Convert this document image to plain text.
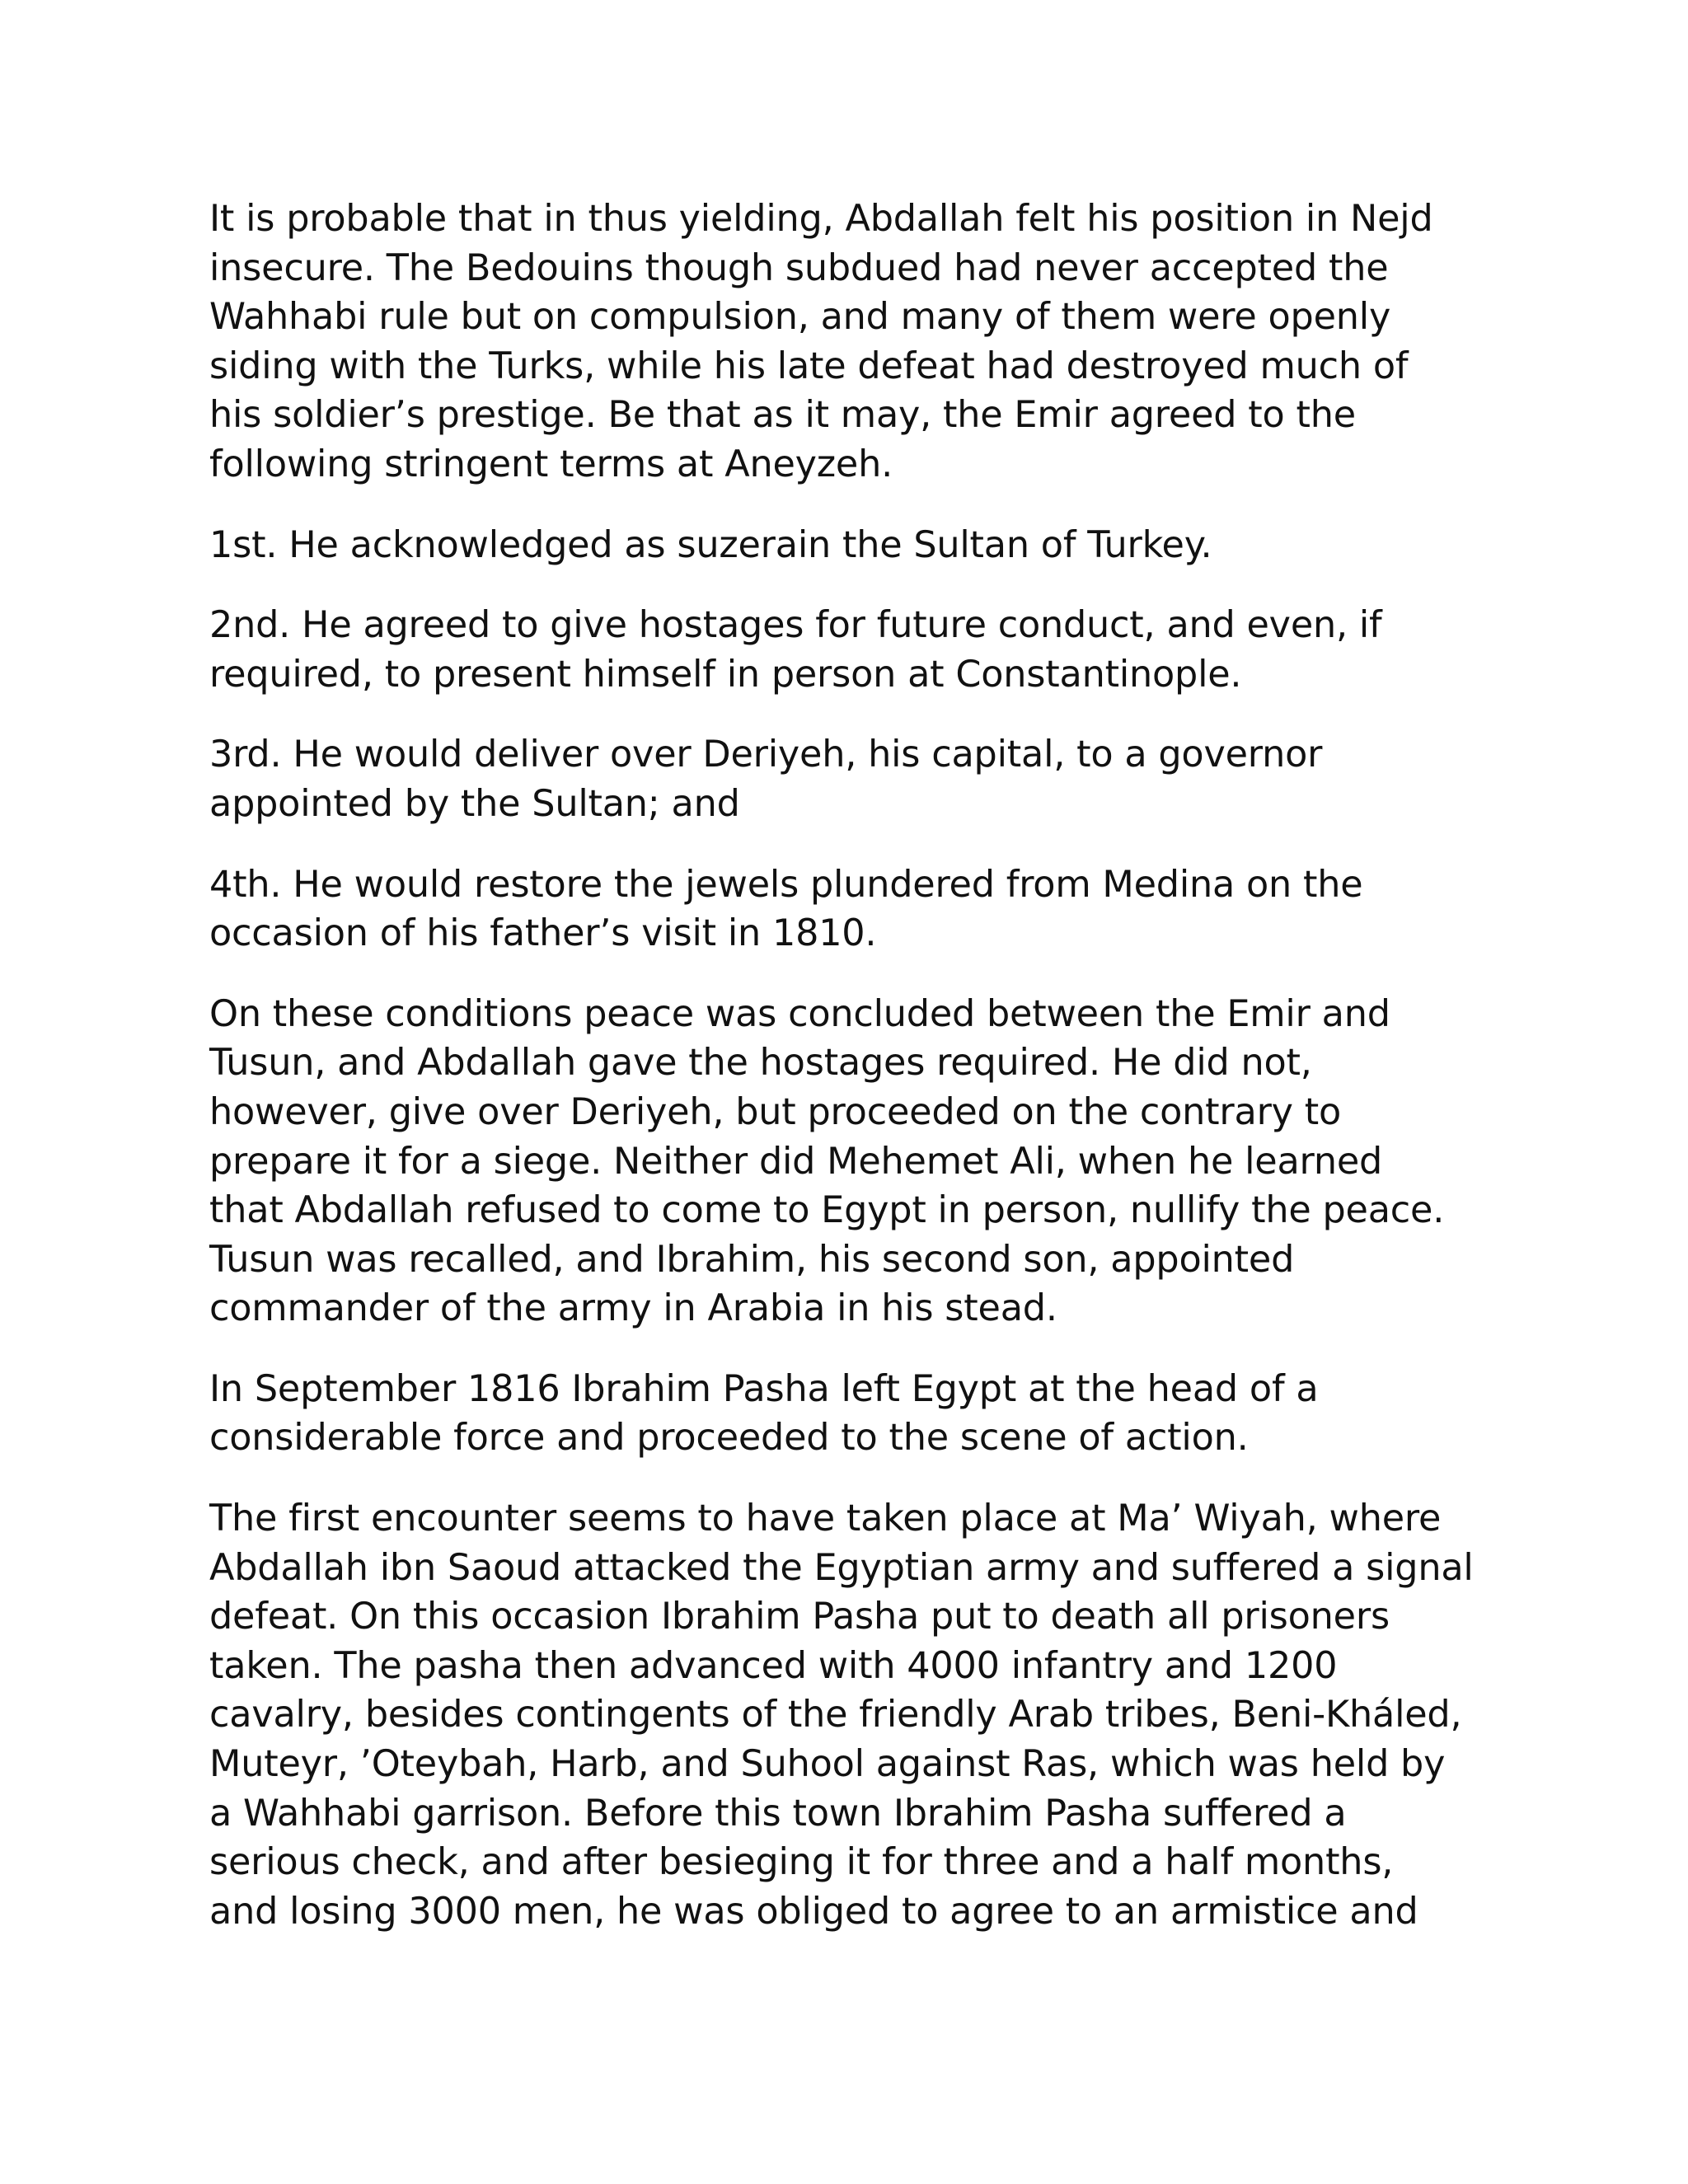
It is probable that in thus yielding, Abdallah felt his position in Nejd
insecure. The Bedouins though subdued had never accepted the
Wahhabi rule but on compulsion, and many of them were openly
siding with the Turks, while his late defeat had destroyed much of
his soldier’s prestige. Be that as it may, the Emir agreed to the
following stringent terms at Aneyzeh.

1st. He acknowledged as suzerain the Sultan of Turkey.

2nd. He agreed to give hostages for future conduct, and even, if
required, to present himself in person at Constantinople.

3rd. He would deliver over Deriyeh, his capital, to a governor
appointed by the Sultan; and

4th. He would restore the jewels plundered from Medina on the
occasion of his father’s visit in 1810.

On these conditions peace was concluded between the Emir and
Tusun, and Abdallah gave the hostages required. He did not,
however, give over Deriyeh, but proceeded on the contrary to
prepare it for a siege. Neither did Mehemet Ali, when he learned
that Abdallah refused to come to Egypt in person, nullify the peace.
Tusun was recalled, and Ibrahim, his second son, appointed
commander of the army in Arabia in his stead.

In September 1816 Ibrahim Pasha left Egypt at the head of a
considerable force and proceeded to the scene of action.

The first encounter seems to have taken place at Ma’ Wiyah, where
Abdallah ibn Saoud attacked the Egyptian army and suffered a signal
defeat. On this occasion Ibrahim Pasha put to death all prisoners
taken. The pasha then advanced with 4000 infantry and 1200
cavalry, besides contingents of the friendly Arab tribes, Beni-Kháled,
Muteyr, ’Oteybah, Harb, and Suhool against Ras, which was held by
a Wahhabi garrison. Before this town Ibrahim Pasha suffered a
serious check, and after besieging it for three and a half months,
and losing 3000 men, he was obliged to agree to an armistice and
